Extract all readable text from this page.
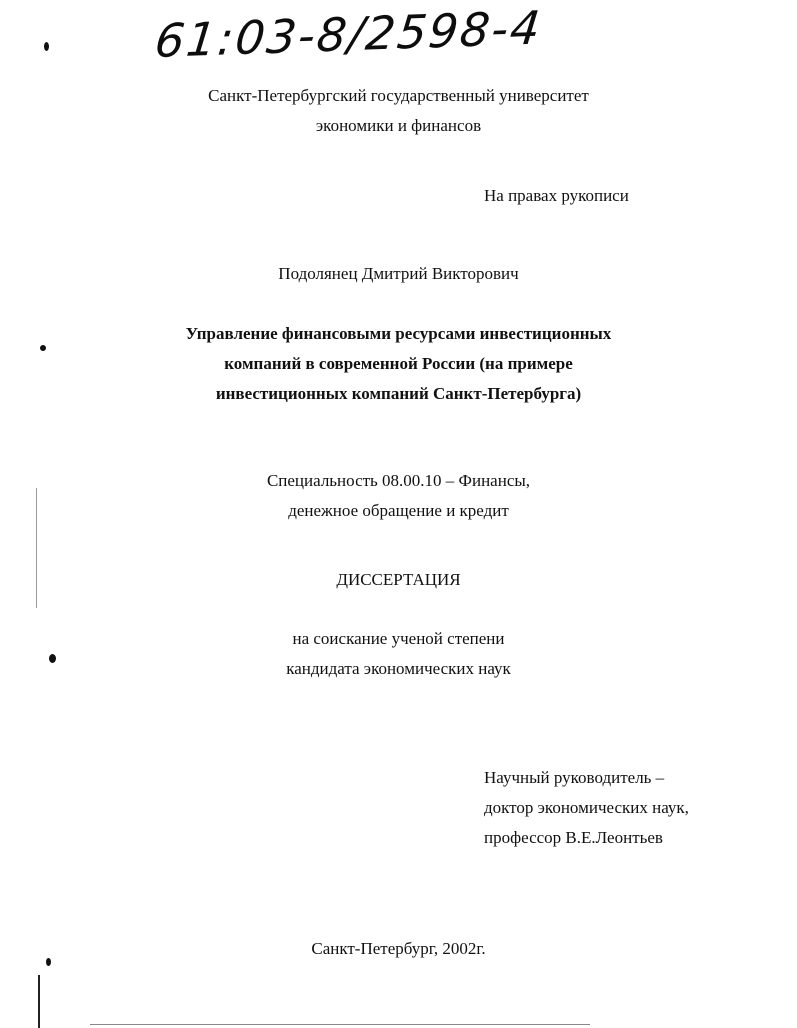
61:03-8/2598-4
Санкт-Петербургский государственный университет
экономики и финансов
На правах рукописи
Подолянец Дмитрий Викторович
Управление финансовыми ресурсами инвестиционных
компаний в современной России (на примере
инвестиционных компаний Санкт-Петербурга)
Специальность 08.00.10 – Финансы,
денежное обращение и кредит
ДИССЕРТАЦИЯ
на соискание ученой степени
кандидата экономических наук
Научный руководитель –
доктор экономических наук,
профессор В.Е.Леонтьев
Санкт-Петербург, 2002г.
